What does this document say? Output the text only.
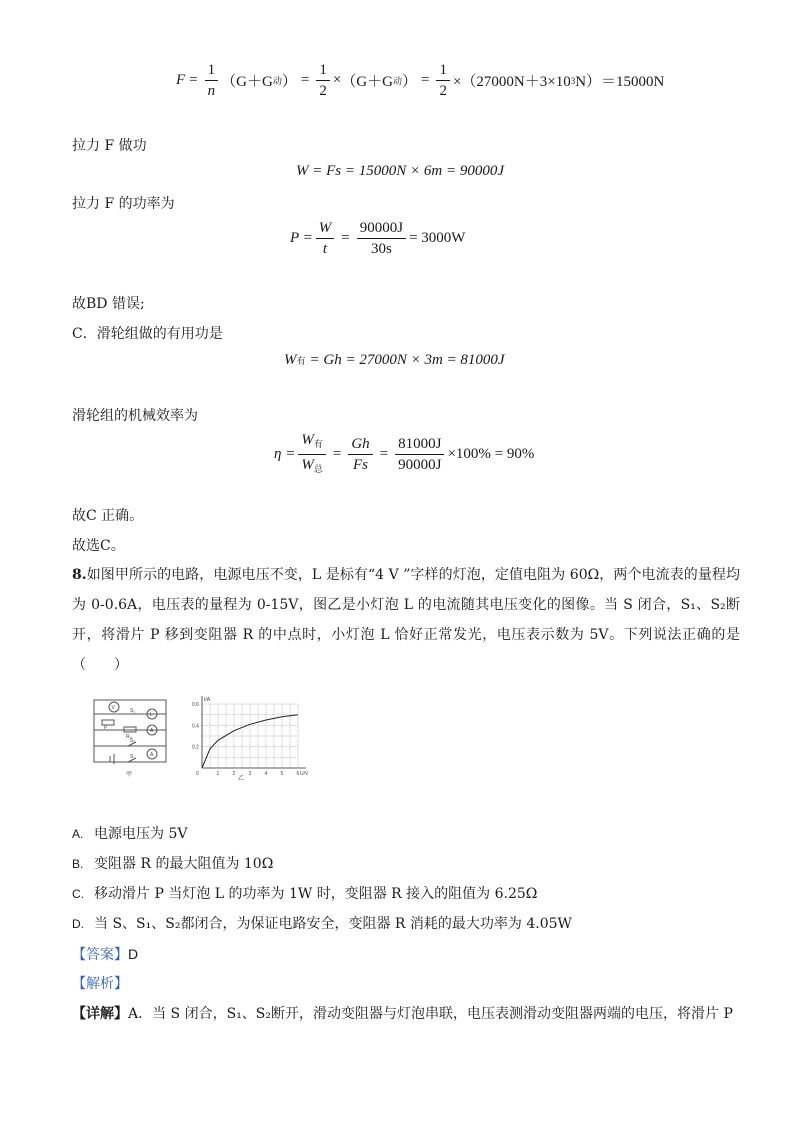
$F = \frac{1}{n} (G+G$ 动 ） = $\frac{1}{2} \times (G+G$ 动 ） = $\frac{1}{2} \times(27000N+3\times 10$ 3 N）＝15000N
拉力 F 做功
W = Fs = 15000N × 6m = 90000J
拉力 F 的功率为
$P = \frac{W}{t} = \frac{90000J}{30s} = 3000W$
故BD 错误;
C．滑轮组做的有用功是
W 有 = Gh = 27000N × 3m = 81000J
滑轮组的机械效率为
$\eta = \frac{W_有}{W_总} = \frac{Gh}{Fs} = \frac{81000J}{90000J} \times 100\% = 90\%$
故C 正确。
故选C。
8.如图甲所示的电路，电源电压不变，L 是标有“4 V ”字样的灯泡，定值电阻为 60Ω，两个电流表的量程均为 0-0.6A，电压表的量程为 0-15V，图乙是小灯泡 L 的电流随其电压变化的图像。当 S 闭合，S₁、S₂断开，将滑片 P 移到变阻器 R 的中点时，小灯泡 L 恰好正常发光，电压表示数为 5V。下列说法正确的是（　　）
V
L
A
A
P
R₀
S₁
S₂
S
甲	1	2	3	4	5	6
0.6
0.4
0.2
0
I/A
U/V
乙
A. 电源电压为 5V
B. 变阻器 R 的最大阻值为 10Ω
C. 移动滑片 P 当灯泡 L 的功率为 1W 时，变阻器 R 接入的阻值为 6.25Ω
D. 当 S、S₁、S₂都闭合，为保证电路安全，变阻器 R 消耗的最大功率为 4.05W
【答案】D
【解析】
【详解】A．当 S 闭合，S₁、S₂断开，滑动变阻器与灯泡串联，电压表测滑动变阻器两端的电压，将滑片 P
